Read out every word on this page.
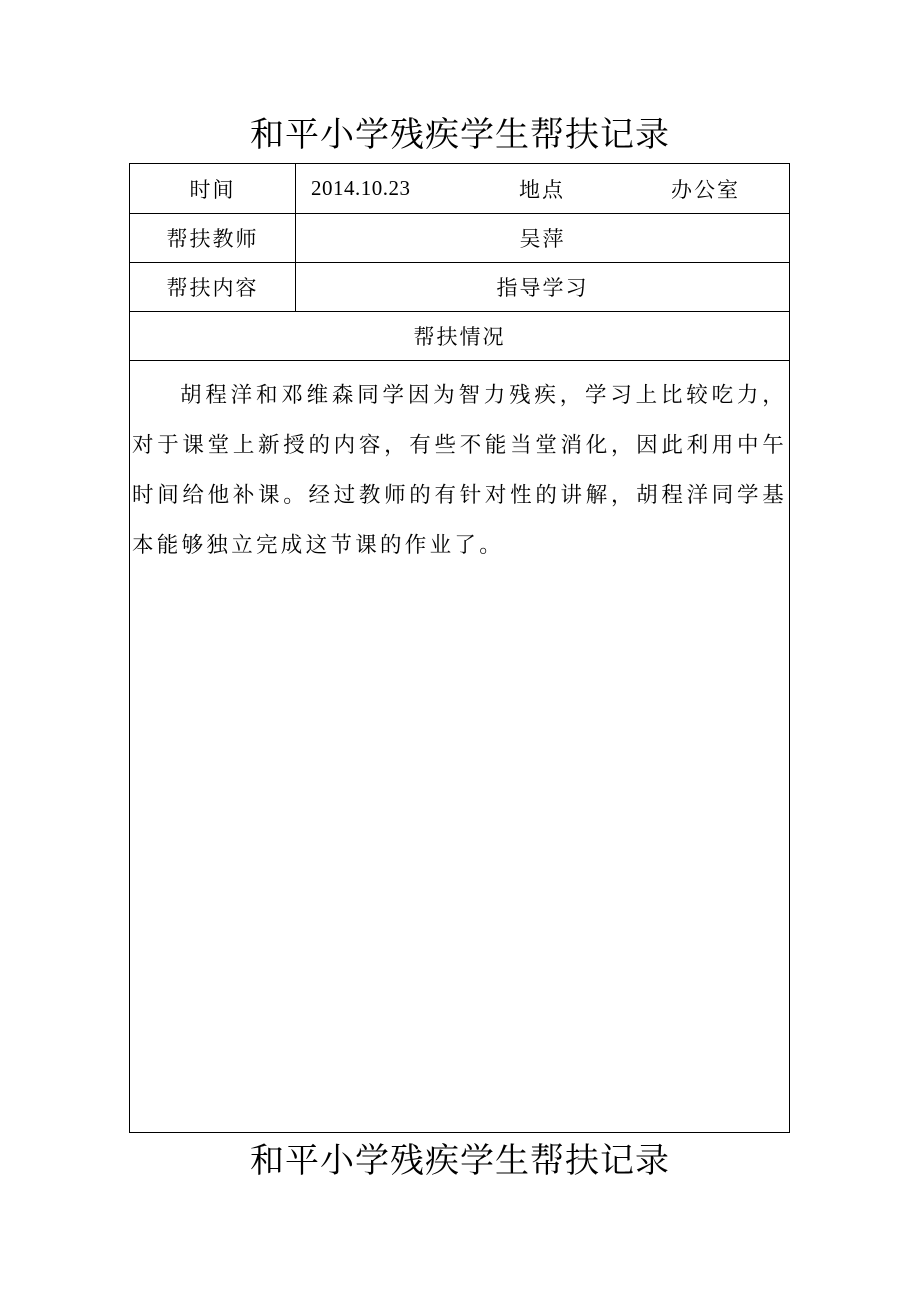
和平小学残疾学生帮扶记录
时间	2014.10.23	地点	办公室
帮扶教师	吴萍
帮扶内容	指导学习
帮扶情况
胡程洋和邓维森同学因为智力残疾，学习上比较吃力，对于课堂上新授的内容，有些不能当堂消化，因此利用中午时间给他补课。经过教师的有针对性的讲解，胡程洋同学基本能够独立完成这节课的作业了。
和平小学残疾学生帮扶记录
